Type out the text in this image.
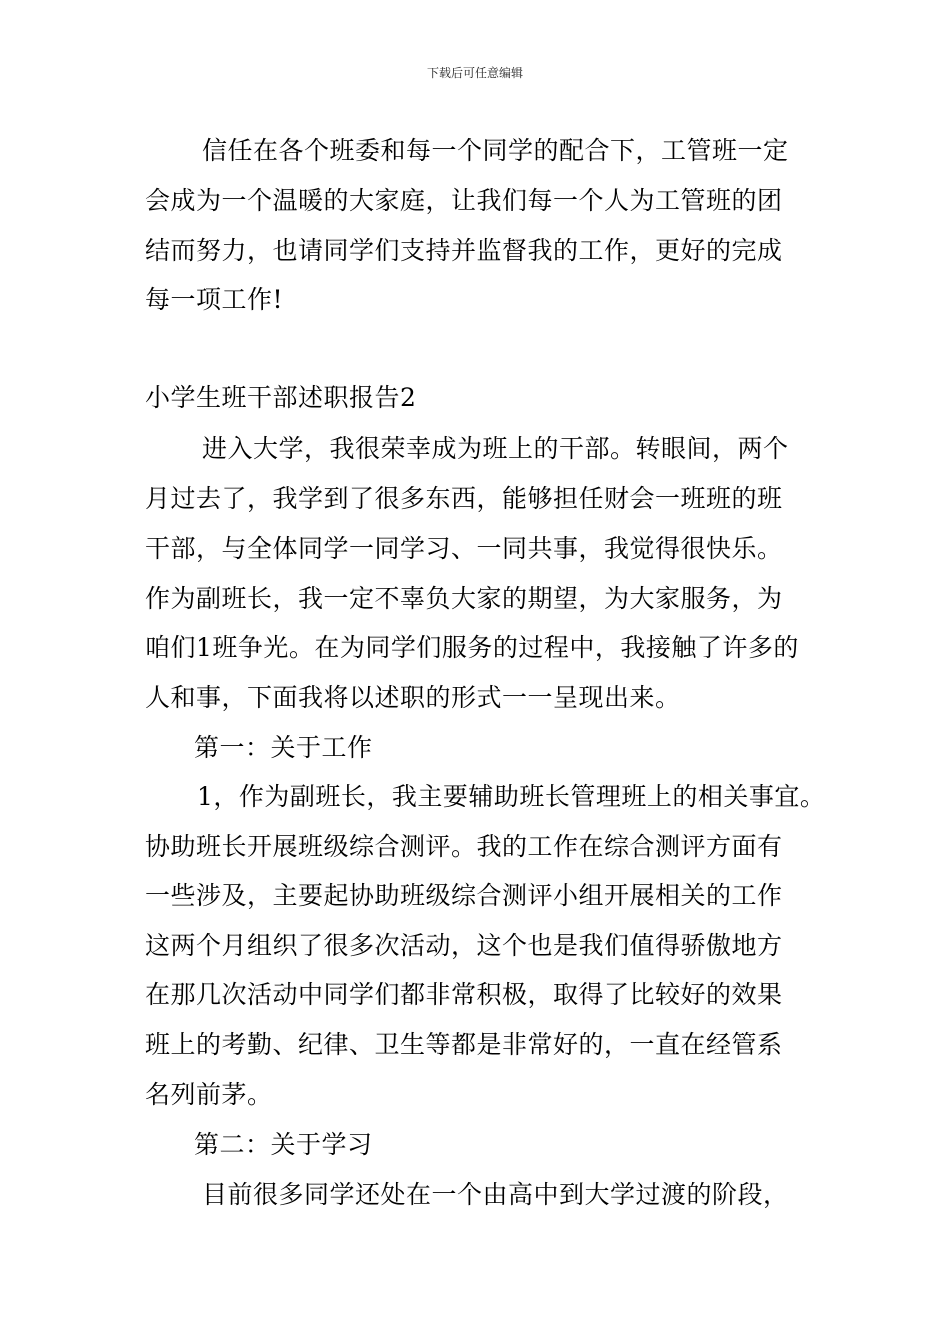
下载后可任意编辑
信任在各个班委和每一个同学的配合下，工管班一定
会成为一个温暖的大家庭，让我们每一个人为工管班的团
结而努力，也请同学们支持并监督我的工作，更好的完成
每一项工作!
小学生班干部述职报告2
进入大学，我很荣幸成为班上的干部。转眼间，两个
月过去了，我学到了很多东西，能够担任财会一班班的班
干部，与全体同学一同学习、一同共事，我觉得很快乐。
作为副班长，我一定不辜负大家的期望，为大家服务，为
咱们1班争光。在为同学们服务的过程中，我接触了许多的
人和事，下面我将以述职的形式一一呈现出来。
第一：关于工作
1，作为副班长，我主要辅助班长管理班上的相关事宜。
协助班长开展班级综合测评。我的工作在综合测评方面有
一些涉及，主要起协助班级综合测评小组开展相关的工作
这两个月组织了很多次活动，这个也是我们值得骄傲地方
在那几次活动中同学们都非常积极，取得了比较好的效果
班上的考勤、纪律、卫生等都是非常好的，一直在经管系
名列前茅。
第二：关于学习
目前很多同学还处在一个由高中到大学过渡的阶段，
